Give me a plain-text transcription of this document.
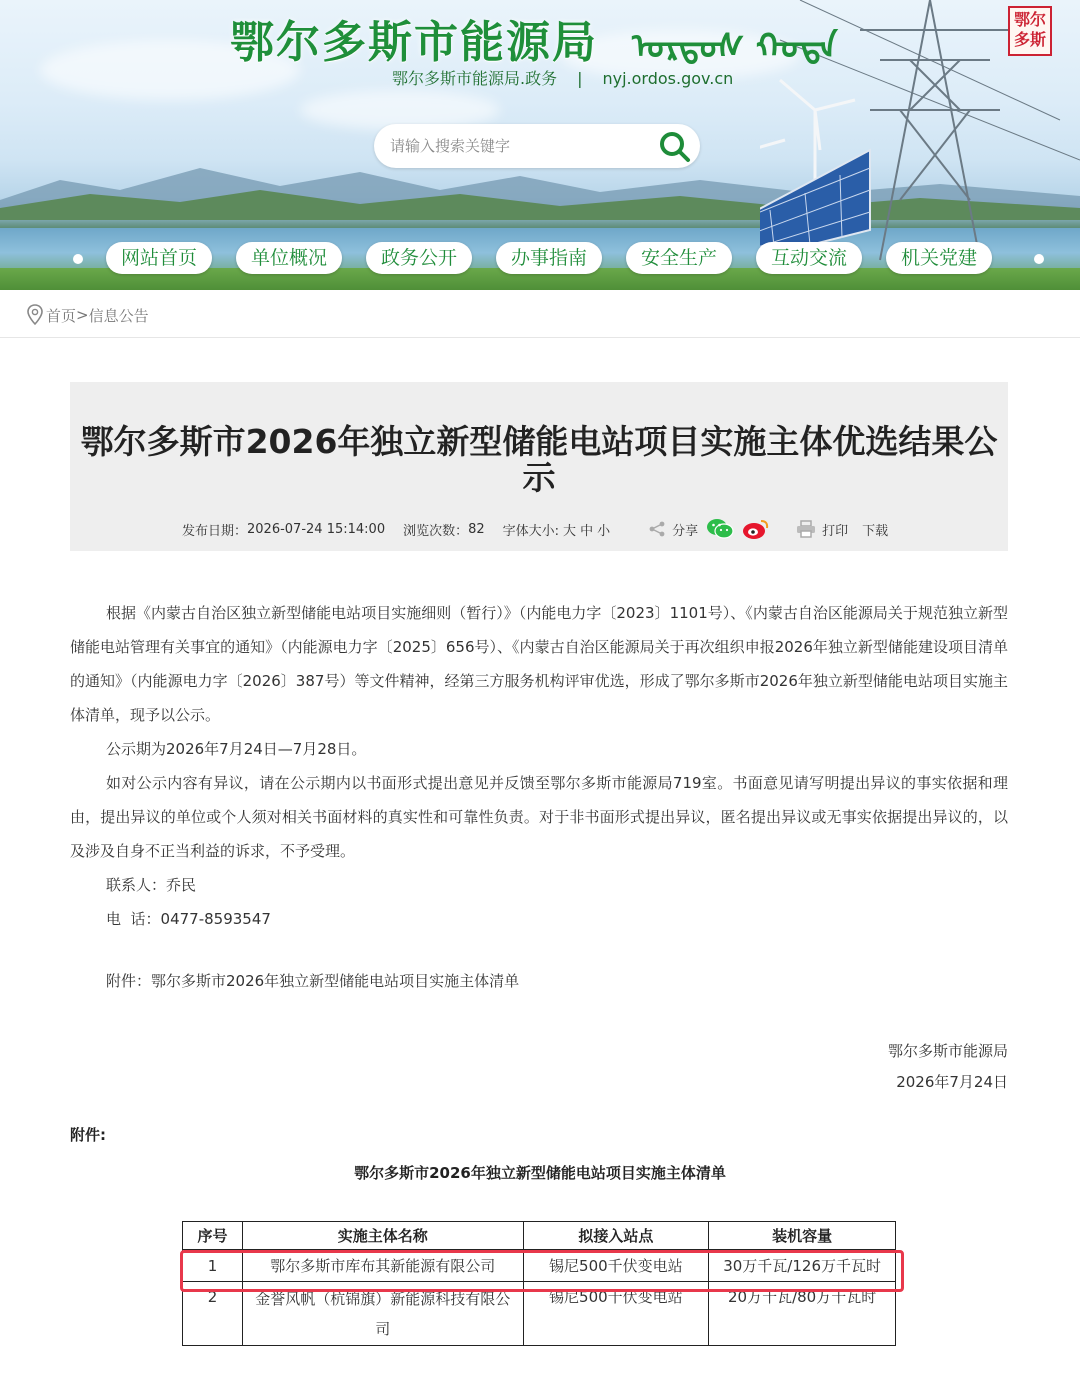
鄂尔多斯市能源局 ᠣᠷᠳᠣᠰ ᠬᠣᠲᠠ
鄂尔多斯市能源局.政务 | nyj.ordos.gov.cn
鄂尔多斯
请输入搜索关键字
网站首页	单位概况	政务公开	办事指南	安全生产	互动交流	机关党建
首页 > 信息公告
鄂尔多斯市2026年独立新型储能电站项目实施主体优选结果公示
发布日期： 2026-07-24 15:14:00 浏览次数： 82 字体大小: 大 中 小	分享	打印 下载

根据《内蒙古自治区独立新型储能电站项目实施细则（暂行）》（内能电力字〔2023〕1101号）、《内蒙古自治区能源局关于规范独立新型储能电站管理有关事宜的通知》（内能源电力字〔2025〕656号）、《内蒙古自治区能源局关于再次组织申报2026年独立新型储能建设项目清单的通知》（内能源电力字〔2026〕387号）等文件精神，经第三方服务机构评审优选，形成了鄂尔多斯市2026年独立新型储能电站项目实施主体清单，现予以公示。

公示期为2026年7月24日—7月28日。

如对公示内容有异议，请在公示期内以书面形式提出意见并反馈至鄂尔多斯市能源局719室。书面意见请写明提出异议的事实依据和理由，提出异议的单位或个人须对相关书面材料的真实性和可靠性负责。对于非书面形式提出异议，匿名提出异议或无事实依据提出异议的，以及涉及自身不正当利益的诉求，不予受理。

联系人：乔民
电  话：0477-8593547
附件：鄂尔多斯市2026年独立新型储能电站项目实施主体清单
鄂尔多斯市能源局
2026年7月24日
附件:
鄂尔多斯市2026年独立新型储能电站项目实施主体清单
序号	实施主体名称	拟接入站点	装机容量
1	鄂尔多斯市库布其新能源有限公司	锡尼500千伏变电站	30万千瓦/126万千瓦时
2	金誉风帆（杭锦旗）新能源科技有限公司	锡尼500千伏变电站	20万千瓦/80万千瓦时
